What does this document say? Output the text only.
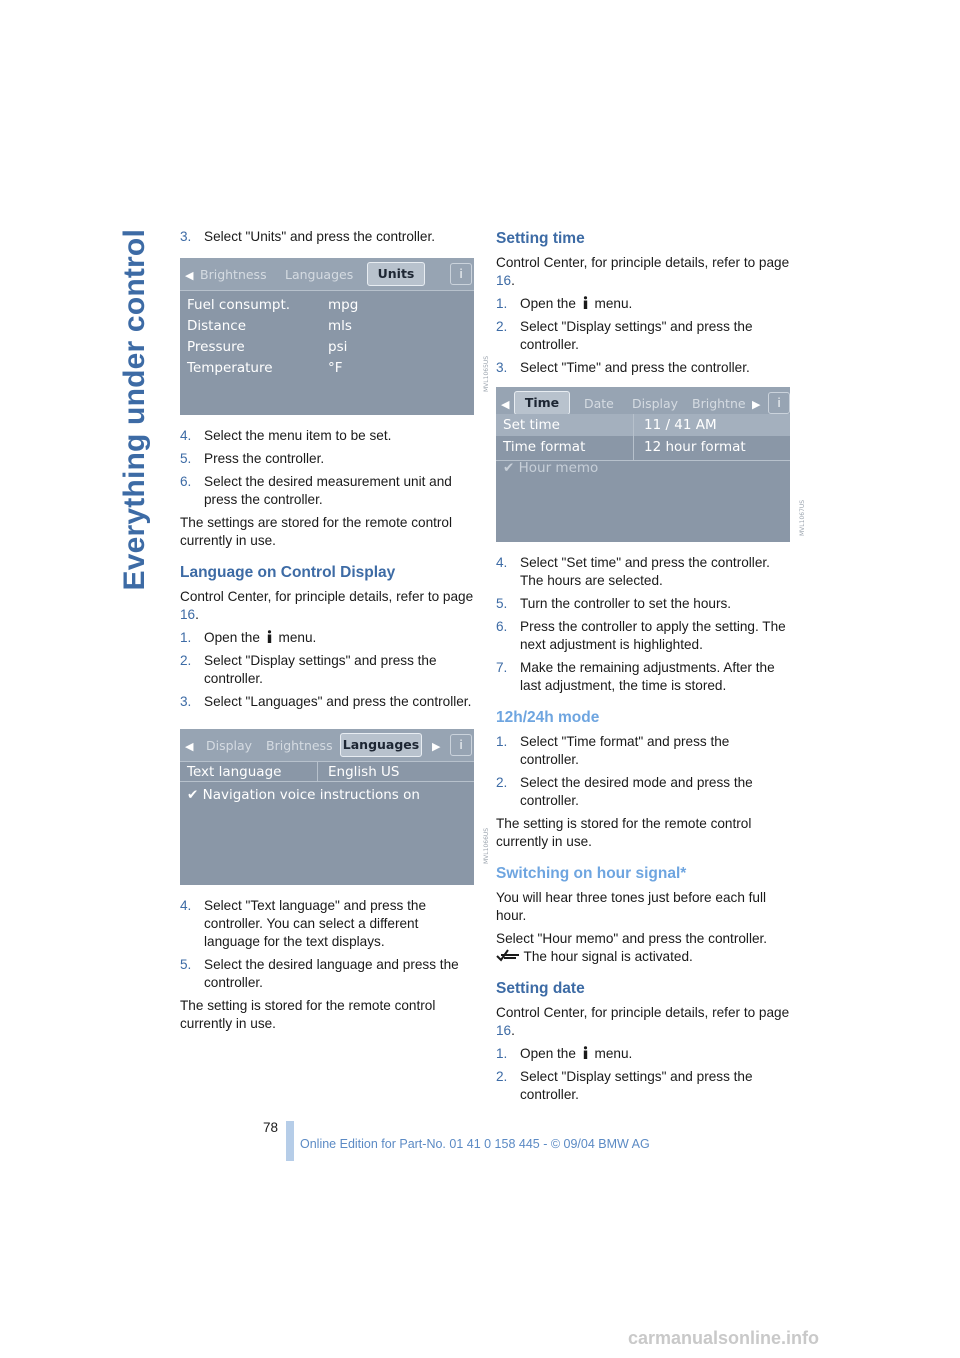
Everything under control 3. Select "Units" and press the controller.
◀ Brightness Languages	Units	i
Fuel consumpt.	mpg
Distance	mls
Pressure	psi
Temperature	°F	MVL1065US
4. Select the menu item to be set.
5. Press the controller.
6. Select the desired measurement unit and press the controller.

The settings are stored for the remote control currently in use.

Language on Control Display

Control Center, for principle details, refer to page 16.

1. Open the  menu.
2. Select "Display settings" and press the controller.
3. Select "Languages" and press the controller.
◀ Display Brightness Languages ▶	i
Text language	English US
✔ Navigation voice instructions on
MVL1066US
4. Select "Text language" and press the controller. You can select a different language for the text displays.
5. Select the desired language and press the controller.

The setting is stored for the remote control currently in use.

Setting time

Control Center, for principle details, refer to page 16.

1. Open the  menu.
2. Select "Display settings" and press the controller.
3. Select "Time" and press the controller.
◀	Time	Date Display Brightne ▶	i
Set time	11 / 41 AM
Time format	12 hour format
✔ Hour memo
MVL1067US
4. Select "Set time" and press the controller. The hours are selected.
5. Turn the controller to set the hours.
6. Press the controller to apply the setting. The next adjustment is highlighted.
7. Make the remaining adjustments. After the last adjustment, the time is stored.
12h/24h mode
1. Select "Time format" and press the controller.
2. Select the desired mode and press the controller.

The setting is stored for the remote control currently in use.

Switching on hour signal*

You will hear three tones just before each full hour.

Select "Hour memo" and press the controller.
The hour signal is activated.

Setting date

Control Center, for principle details, refer to page 16.

1. Open the  menu.
2. Select "Display settings" and press the controller.
78
Online Edition for Part-No. 01 41 0 158 445 - © 09/04 BMW AG
carmanualsonline.info
